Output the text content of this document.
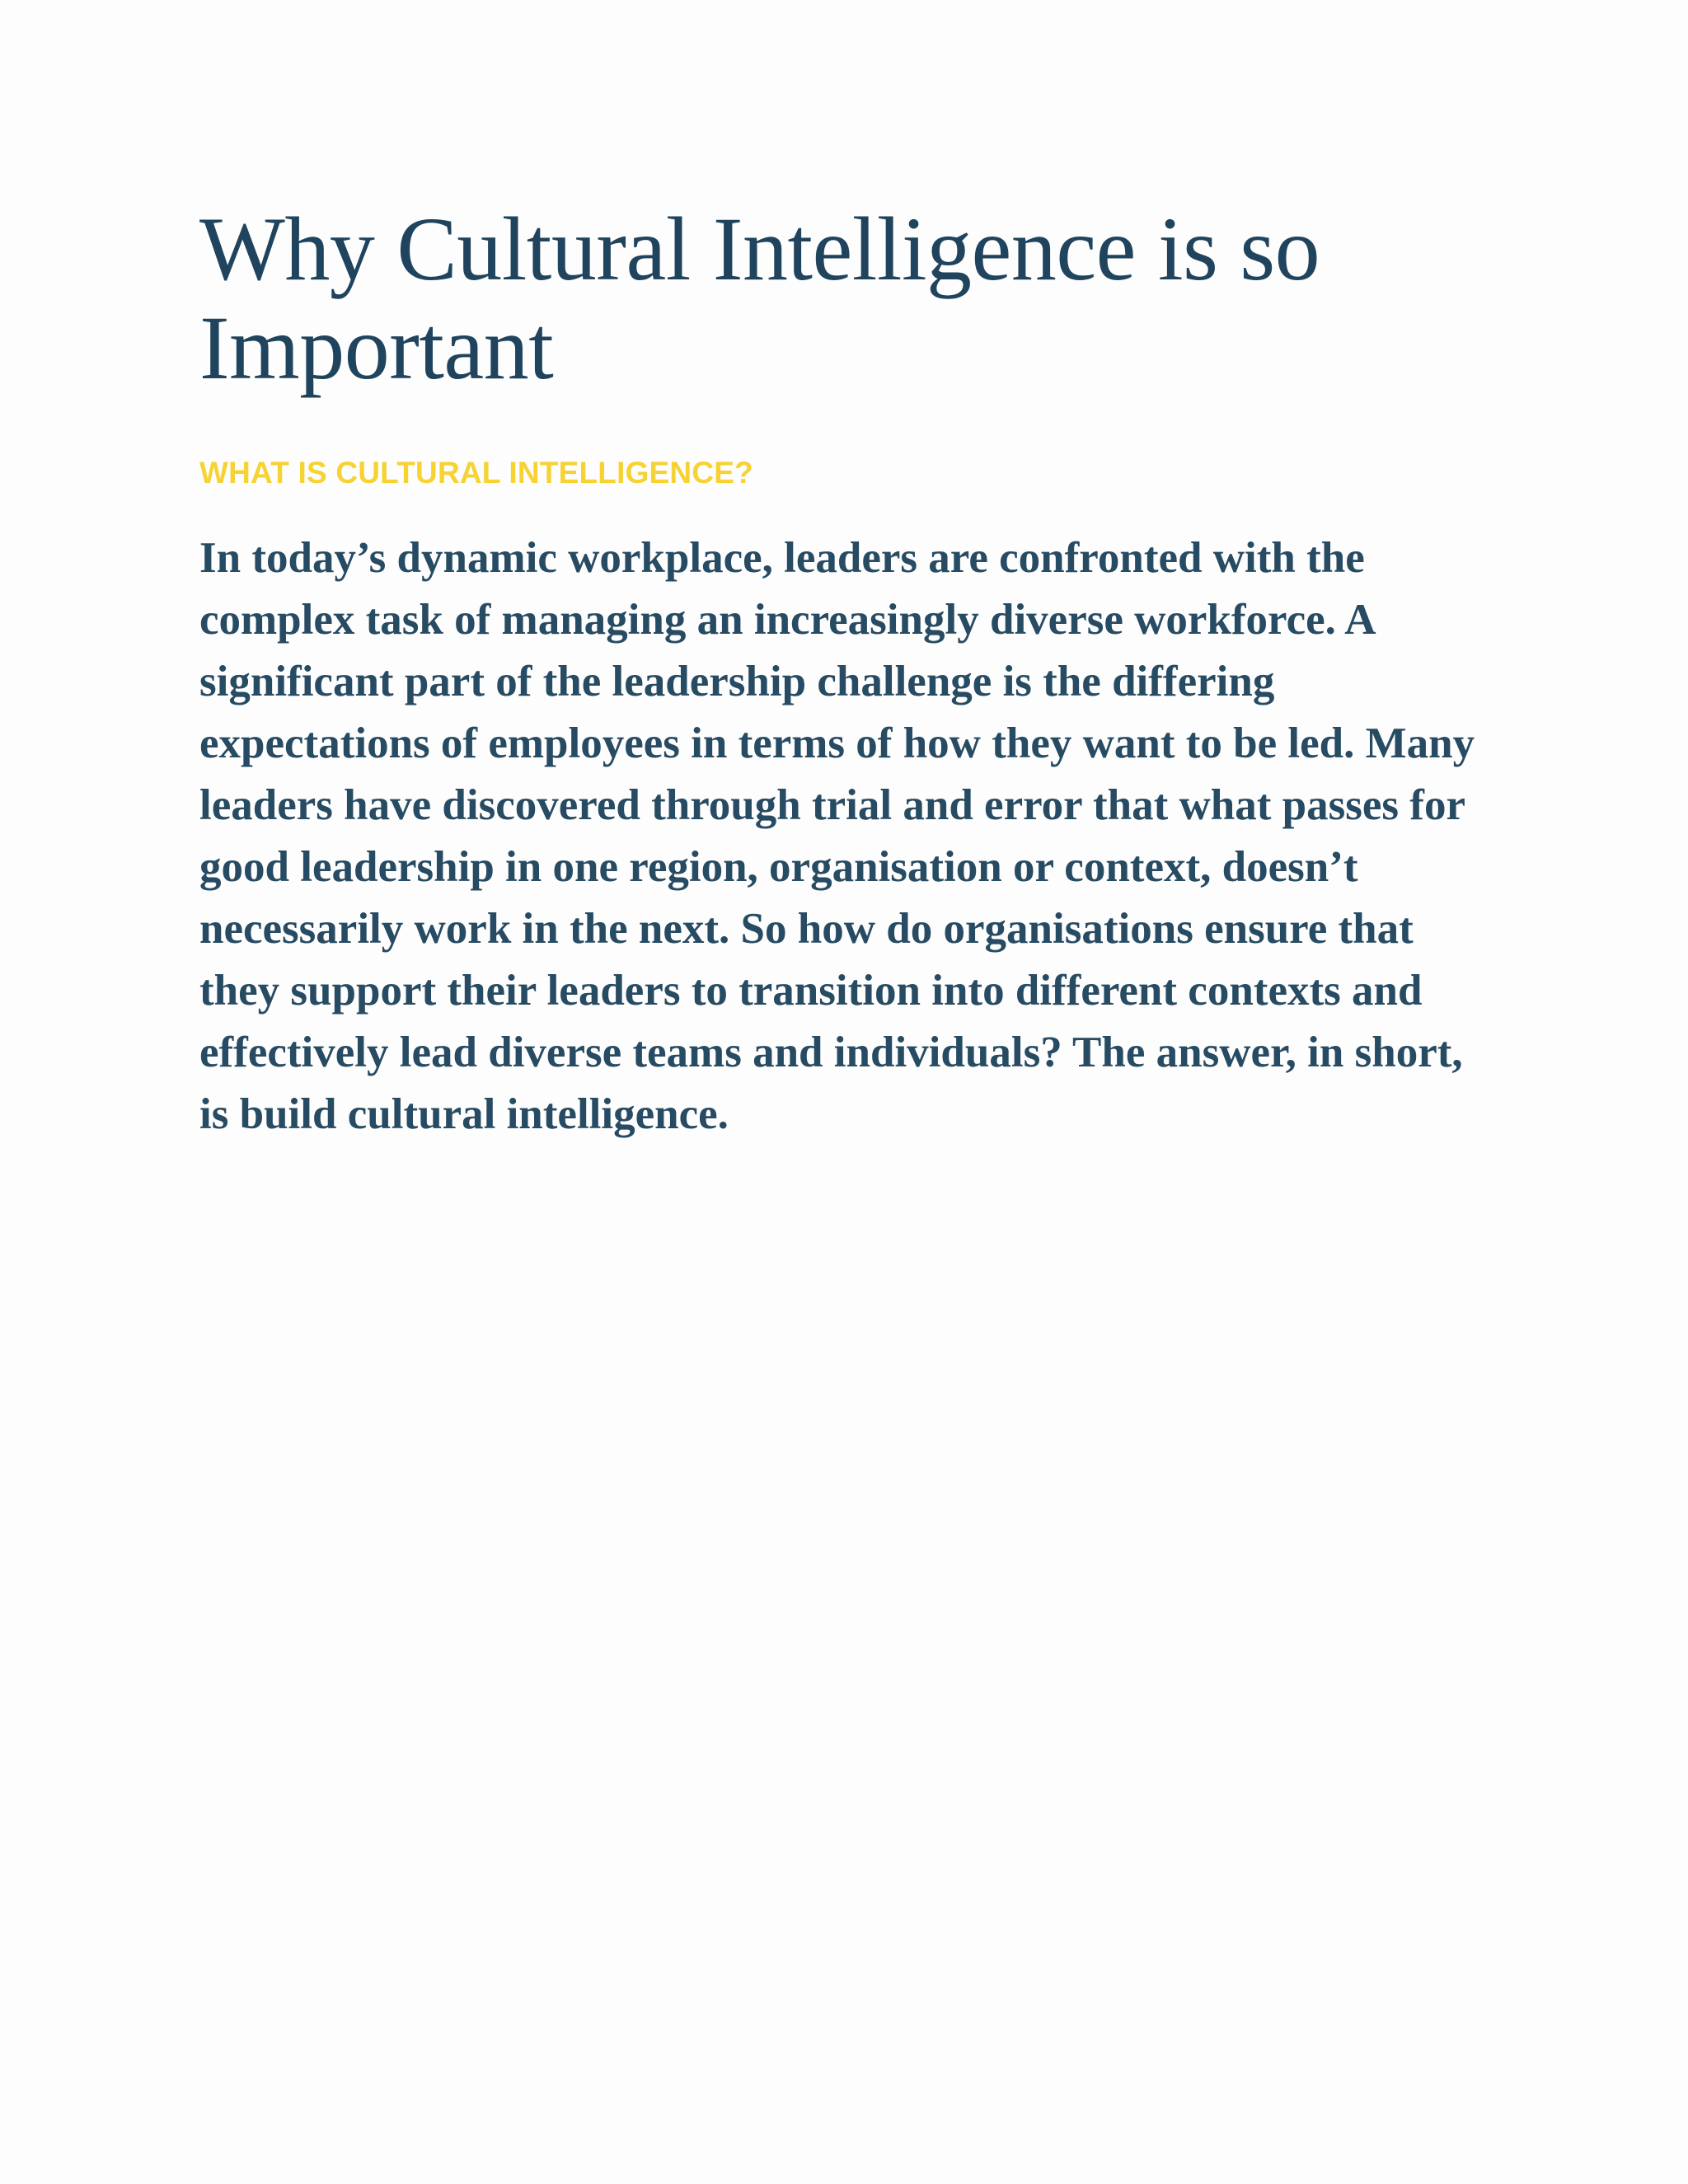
Why Cultural Intelligence is so Important
WHAT IS CULTURAL INTELLIGENCE?

In today’s dynamic workplace, leaders are confronted with the complex task of managing an increasingly diverse workforce. A significant part of the leadership challenge is the differing expectations of employees in terms of how they want to be led. Many leaders have discovered through trial and error that what passes for good leadership in one region, organisation or context, doesn’t necessarily work in the next. So how do organisations ensure that they support their leaders to transition into different contexts and effectively lead diverse teams and individuals? The answer, in short, is build cultural intelligence.
